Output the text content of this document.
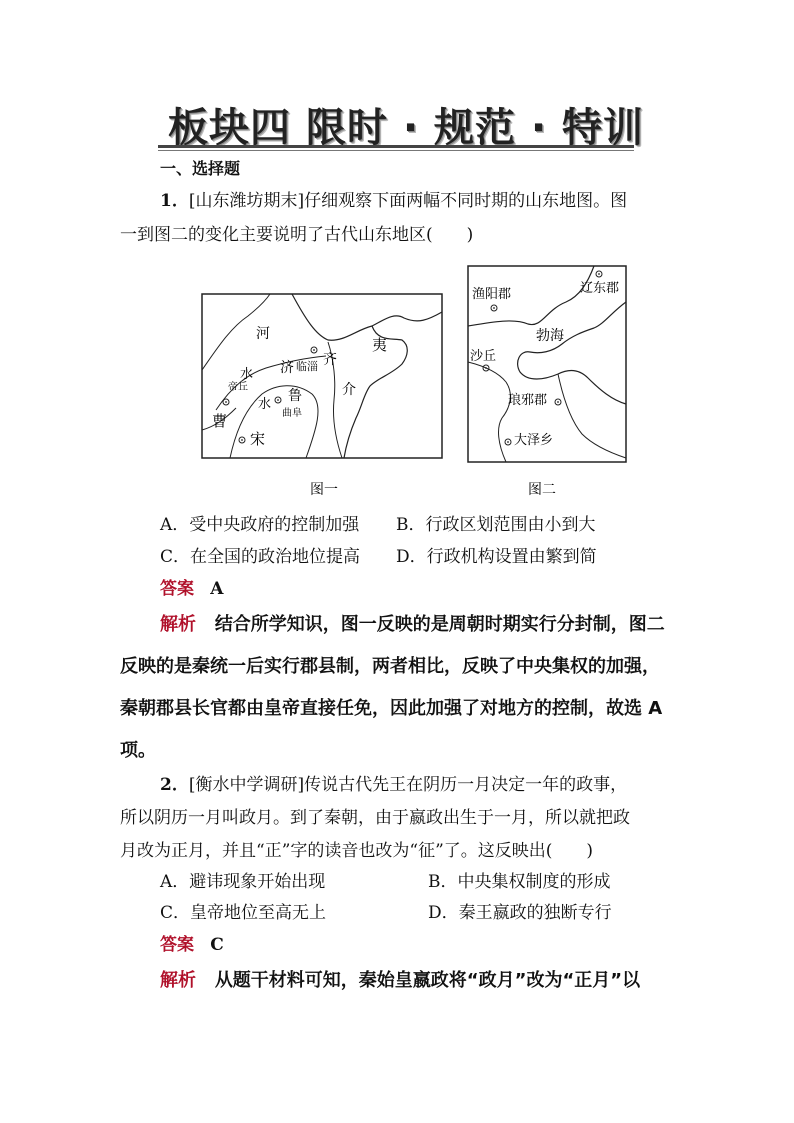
板块四 限时 · 规范 · 特训
一、选择题
1．[山东潍坊期末]仔细观察下面两幅不同时期的山东地图。图
一到图二的变化主要说明了古代山东地区(　　)
河
济 临淄 齐
夷
介
水
水
帝丘
鲁
曲阜
曹
宋
图一
渔阳郡	辽东郡
勃海
沙丘
琅邪郡
大泽乡
图二
A．受中央政府的控制加强 B．行政区划范围由小到大
C．在全国的政治地位提高 D．行政机构设置由繁到简
答案 A
解析 结合所学知识，图一反映的是周朝时期实行分封制，图二
反映的是秦统一后实行郡县制，两者相比，反映了中央集权的加强，
秦朝郡县长官都由皇帝直接任免，因此加强了对地方的控制，故选 A
项。
2．[衡水中学调研]传说古代先王在阴历一月决定一年的政事，
所以阴历一月叫政月。到了秦朝，由于嬴政出生于一月，所以就把政
月改为正月，并且“正”字的读音也改为“征”了。这反映出(　　)
A．避讳现象开始出现	B．中央集权制度的形成
C．皇帝地位至高无上	D．秦王嬴政的独断专行
答案 C
解析 从题干材料可知，秦始皇嬴政将“政月”改为“正月”以
